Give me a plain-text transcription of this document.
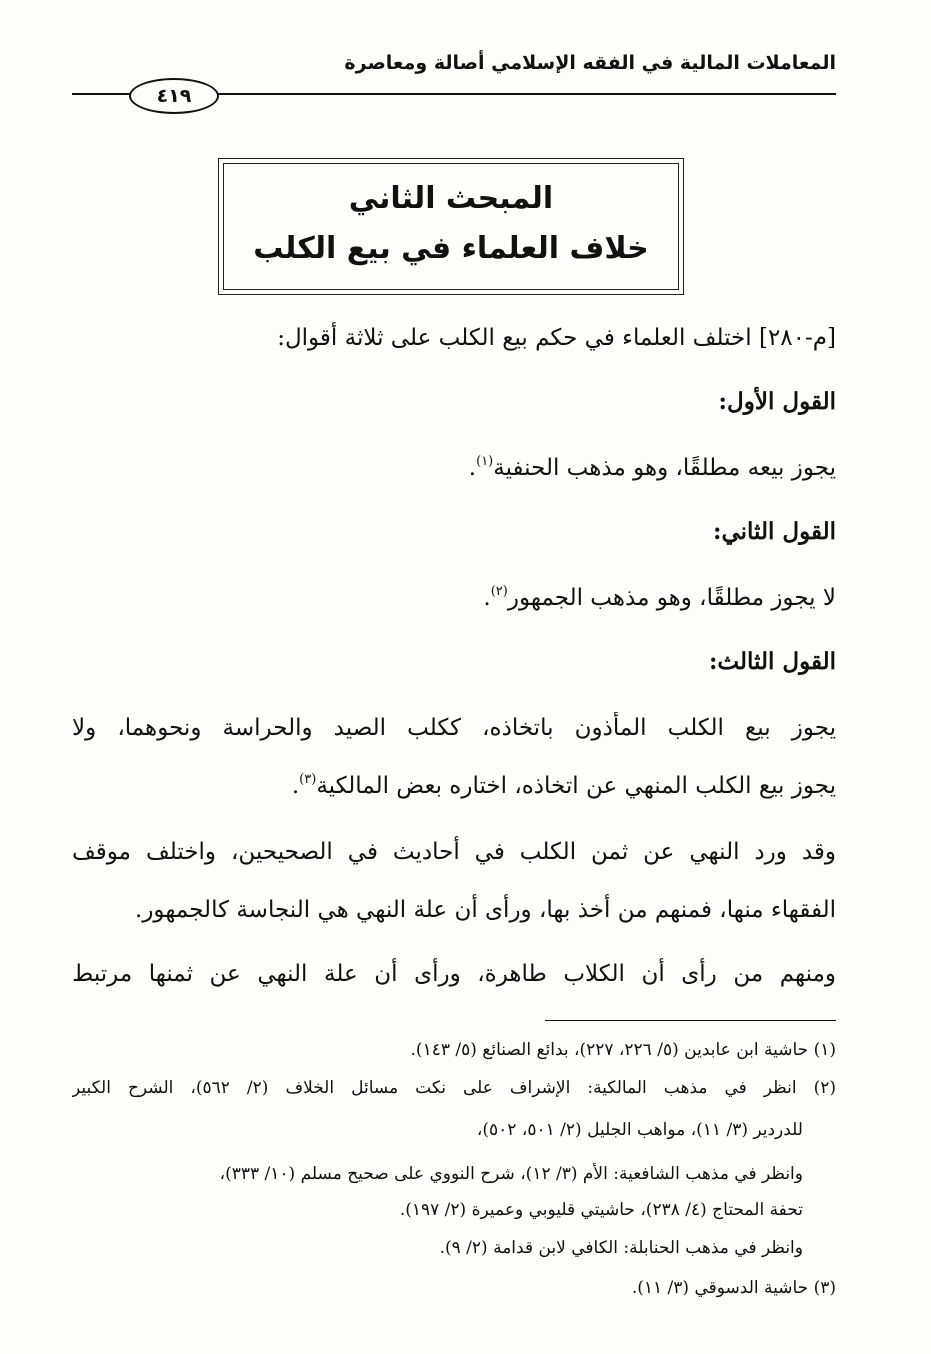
المعاملات المالية في الفقه الإسلامي أصالة ومعاصرة
٤١٩
المبحث الثاني
خلاف العلماء في بيع الكلب
[م-٢٨٠] اختلف العلماء في حكم بيع الكلب على ثلاثة أقوال:
القول الأول:
يجوز بيعه مطلقًا، وهو مذهب الحنفية$^{(١)}$.
القول الثاني:
لا يجوز مطلقًا، وهو مذهب الجمهور$^{(٢)}$.
القول الثالث:
يجوز بيع الكلب المأذون باتخاذه، ككلب الصيد والحراسة ونحوهما، ولا
يجوز بيع الكلب المنهي عن اتخاذه، اختاره بعض المالكية$^{(٣)}$.
وقد ورد النهي عن ثمن الكلب في أحاديث في الصحيحين، واختلف موقف
الفقهاء منها، فمنهم من أخذ بها، ورأى أن علة النهي هي النجاسة كالجمهور.
ومنهم من رأى أن الكلاب طاهرة، ورأى أن علة النهي عن ثمنها مرتبط
(١) حاشية ابن عابدين (٥/ ٢٢٦، ٢٢٧)، بدائع الصنائع (٥/ ١٤٣).
(٢) انظر في مذهب المالكية: الإشراف على نكت مسائل الخلاف (٢/ ٥٦٢)، الشرح الكبير
للدردير (٣/ ١١)، مواهب الجليل (٢/ ٥٠١، ٥٠٢)،
وانظر في مذهب الشافعية: الأم (٣/ ١٢)، شرح النووي على صحيح مسلم (١٠/ ٣٣٣)،
تحفة المحتاج (٤/ ٢٣٨)، حاشيتي قليوبي وعميرة (٢/ ١٩٧).
وانظر في مذهب الحنابلة: الكافي لابن قدامة (٢/ ٩).
(٣) حاشية الدسوقي (٣/ ١١).
